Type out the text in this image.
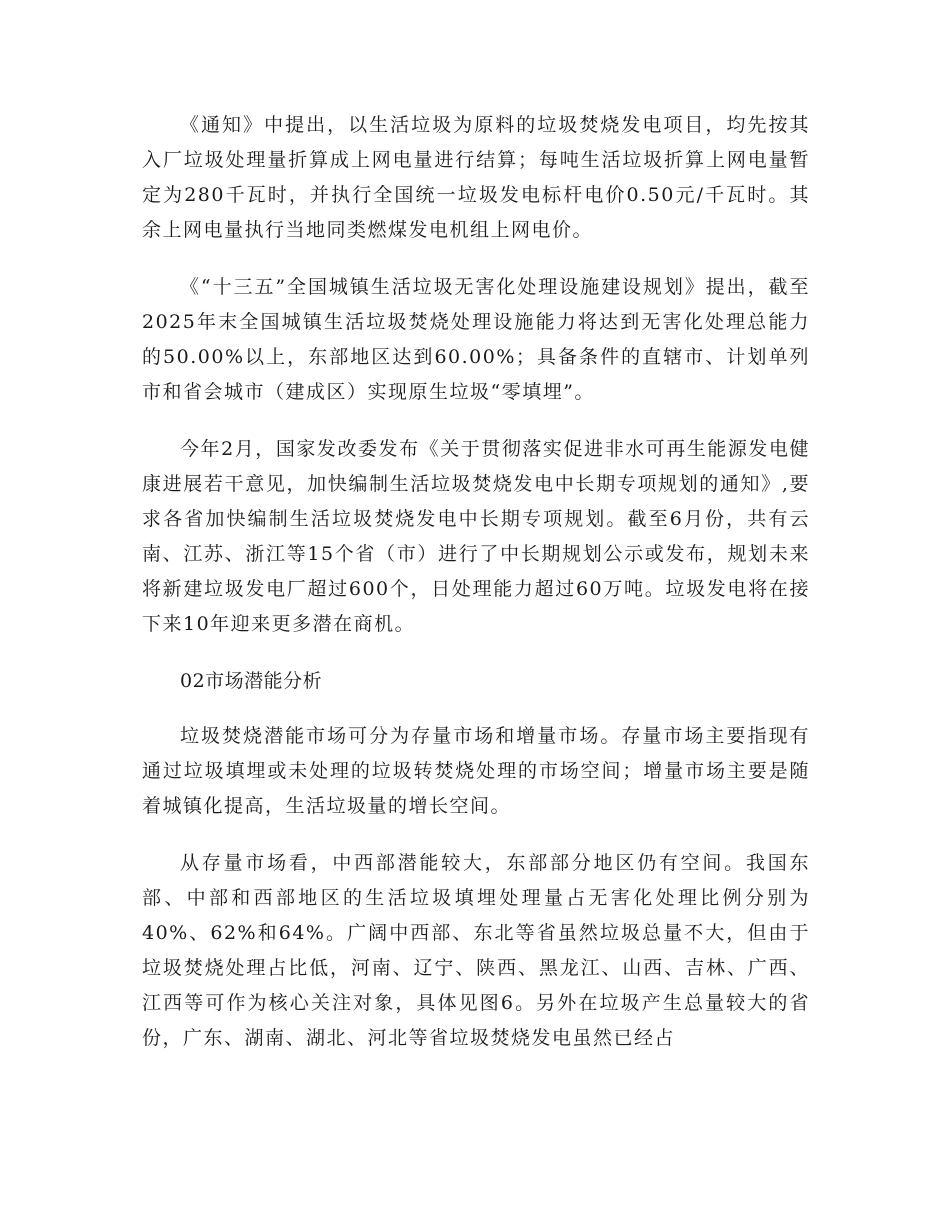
《通知》中提出，以生活垃圾为原料的垃圾焚烧发电项目，均先按其入厂垃圾处理量折算成上网电量进行结算；每吨生活垃圾折算上网电量暂定为280千瓦时，并执行全国统一垃圾发电标杆电价0.50元/千瓦时。其余上网电量执行当地同类燃煤发电机组上网电价。

《“十三五”全国城镇生活垃圾无害化处理设施建设规划》提出，截至2025年末全国城镇生活垃圾焚烧处理设施能力将达到无害化处理总能力的50.00%以上，东部地区达到60.00%；具备条件的直辖市、计划单列市和省会城市（建成区）实现原生垃圾“零填埋”。

今年2月，国家发改委发布《关于贯彻落实促进非水可再生能源发电健康进展若干意见，加快编制生活垃圾焚烧发电中长期专项规划的通知》,要求各省加快编制生活垃圾焚烧发电中长期专项规划。截至6月份，共有云南、江苏、浙江等15个省（市）进行了中长期规划公示或发布，规划未来将新建垃圾发电厂超过600个，日处理能力超过60万吨。垃圾发电将在接下来10年迎来更多潜在商机。

02市场潜能分析

垃圾焚烧潜能市场可分为存量市场和增量市场。存量市场主要指现有通过垃圾填埋或未处理的垃圾转焚烧处理的市场空间；增量市场主要是随着城镇化提高，生活垃圾量的增长空间。

从存量市场看，中西部潜能较大，东部部分地区仍有空间。我国东部、中部和西部地区的生活垃圾填埋处理量占无害化处理比例分别为40%、62%和64%。广阔中西部、东北等省虽然垃圾总量不大，但由于垃圾焚烧处理占比低，河南、辽宁、陕西、黑龙江、山西、吉林、广西、江西等可作为核心关注对象，具体见图6。另外在垃圾产生总量较大的省份，广东、湖南、湖北、河北等省垃圾焚烧发电虽然已经占
